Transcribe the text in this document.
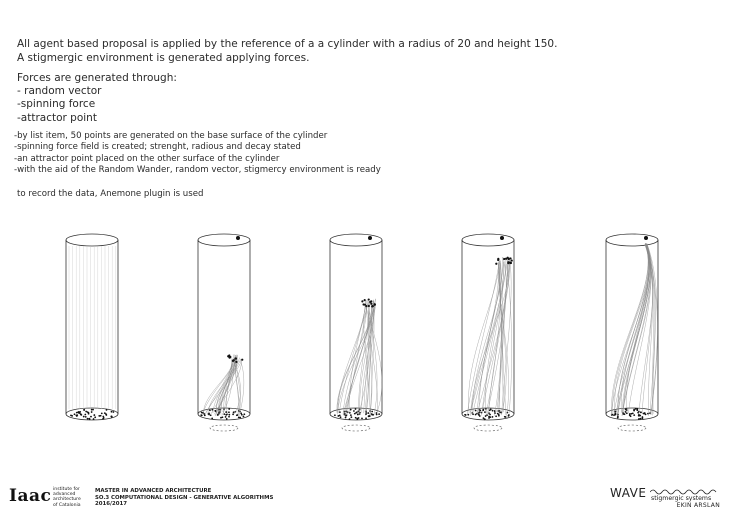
All agent based proposal is applied by the reference of a a cylinder with a radius of 20 and height 150.
A stigmergic environment is generated applying forces.
Forces are generated through:
- random vector
-spinning force
-attractor point
-by list item, 50 points are generated on the base surface of the cylinder
-spinning force field is created; strenght, radious and decay stated
-an attractor point placed on the other surface of the cylinder
-with the aid of the Random Wander, random vector, stigmercy environment is ready
to record the data, Anemone plugin is used
Iaac institute for
advanced
architecture
of Catalonia
MASTER IN ADVANCED ARCHITECTURE
SO.3 COMPUTATIONAL DESIGN - GENERATIVE ALGORITHMS
2016/2017
WAVE stigmergic systems
EKIN ARSLAN
